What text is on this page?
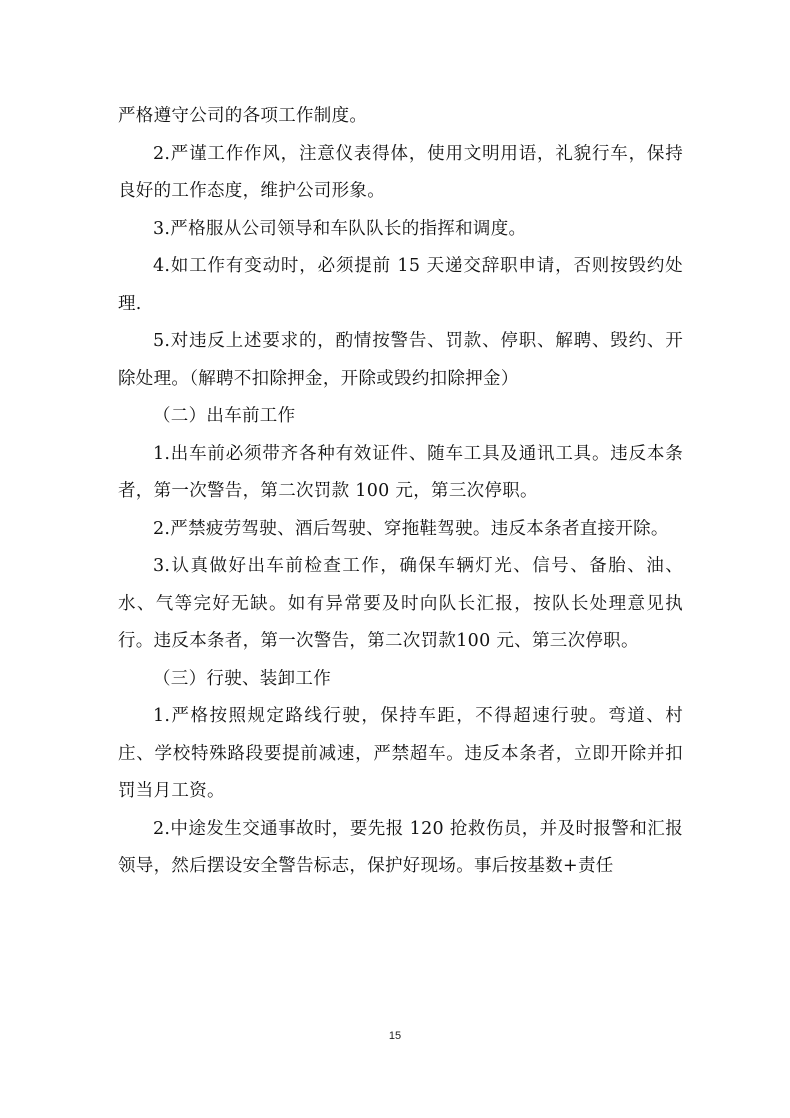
严格遵守公司的各项工作制度。

2.严谨工作作风，注意仪表得体，使用文明用语，礼貌行车，保持良好的工作态度，维护公司形象。

3.严格服从公司领导和车队队长的指挥和调度。

4.如工作有变动时，必须提前 15 天递交辞职申请，否则按毁约处理.

5.对违反上述要求的，酌情按警告、罚款、停职、解聘、毁约、开除处理。（解聘不扣除押金，开除或毁约扣除押金）

（二）出车前工作

1.出车前必须带齐各种有效证件、随车工具及通讯工具。违反本条者，第一次警告，第二次罚款 100 元，第三次停职。

2.严禁疲劳驾驶、酒后驾驶、穿拖鞋驾驶。违反本条者直接开除。

3.认真做好出车前检查工作，确保车辆灯光、信号、备胎、油、水、气等完好无缺。如有异常要及时向队长汇报，按队长处理意见执行。违反本条者，第一次警告，第二次罚款100 元、第三次停职。

（三）行驶、装卸工作

1.严格按照规定路线行驶，保持车距，不得超速行驶。弯道、村庄、学校特殊路段要提前减速，严禁超车。违反本条者，立即开除并扣罚当月工资。

2.中途发生交通事故时，要先报 120 抢救伤员，并及时报警和汇报领导，然后摆设安全警告标志，保护好现场。事后按基数+责任

15
